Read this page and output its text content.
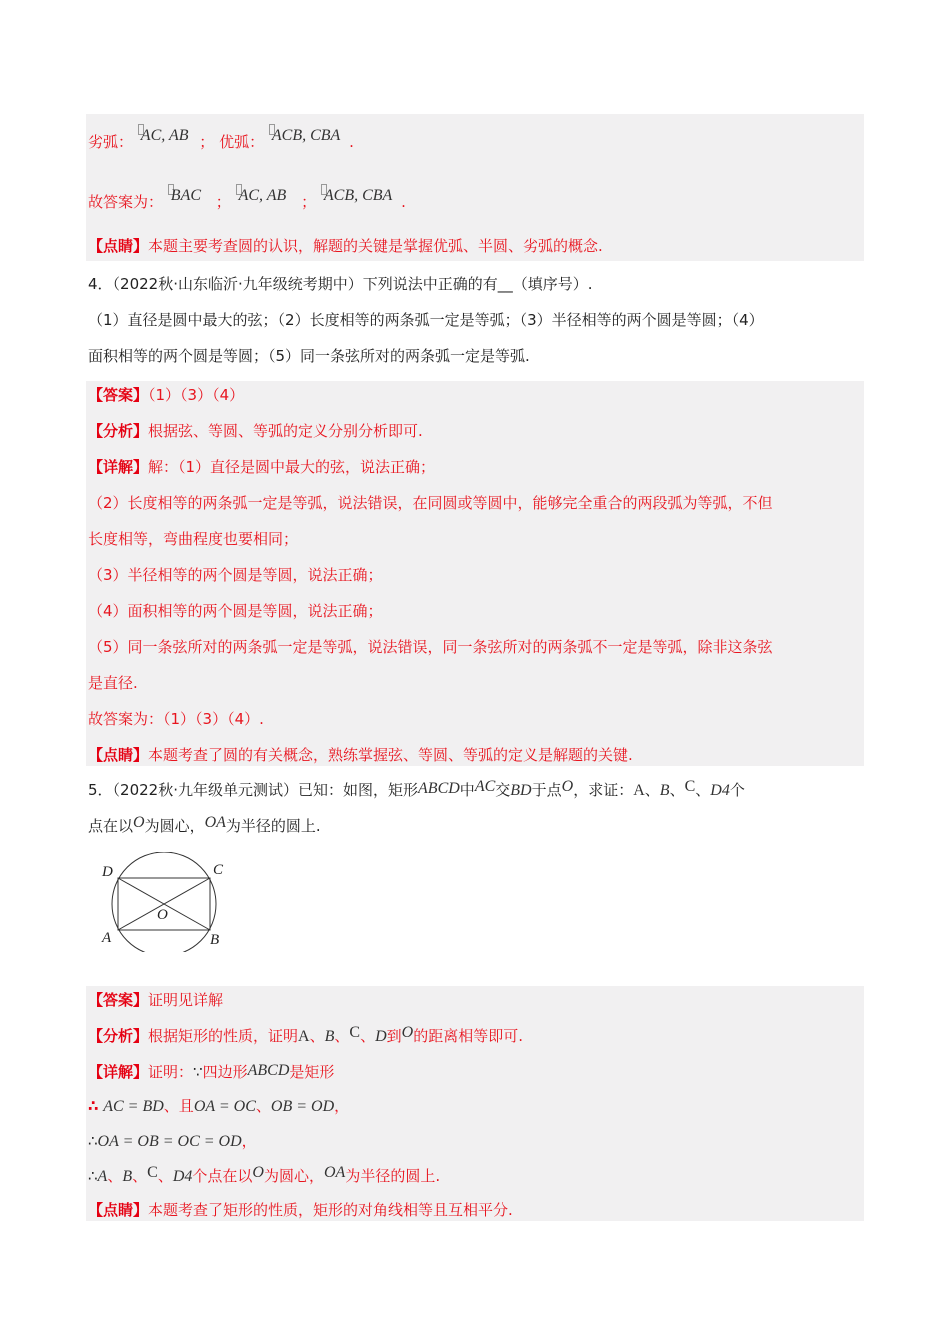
劣弧： AC, AB ； 优弧： ACB, CBA .
故答案为： BAC ； AC, AB ； ACB, CBA .
【点睛】本题主要考查圆的认识，解题的关键是掌握优弧、半圆、劣弧的概念.
4．（2022秋·山东临沂·九年级统考期中）下列说法中正确的有__（填序号）.
（1）直径是圆中最大的弦；（2）长度相等的两条弧一定是等弧；（3）半径相等的两个圆是等圆；（4）
面积相等的两个圆是等圆；（5）同一条弦所对的两条弧一定是等弧.
【答案】（1）（3）（4）
【分析】根据弦、等圆、等弧的定义分别分析即可.
【详解】解：（1）直径是圆中最大的弦，说法正确；
（2）长度相等的两条弧一定是等弧，说法错误，在同圆或等圆中，能够完全重合的两段弧为等弧，不但
长度相等，弯曲程度也要相同；
（3）半径相等的两个圆是等圆，说法正确；
（4）面积相等的两个圆是等圆，说法正确；
（5）同一条弦所对的两条弧一定是等弧，说法错误，同一条弦所对的两条弧不一定是等弧，除非这条弦
是直径.
故答案为：（1）（3）（4）.
【点睛】本题考查了圆的有关概念，熟练掌握弦、等圆、等弧的定义是解题的关键.
5．（2022秋·九年级单元测试）已知：如图，矩形ABCD中AC交BD于点O，求证：A、B、C、D4个
点在以O为圆心，OA为半径的圆上.
D	C
O
A	B
【答案】证明见详解
【分析】根据矩形的性质，证明A、B、C、D到O的距离相等即可.
【详解】证明：∵四边形ABCD是矩形
∴ AC = BD、且OA = OC、OB = OD，
∴OA = OB = OC = OD，
∴A、B、C、D4个点在以O为圆心，OA为半径的圆上.
【点睛】本题考查了矩形的性质，矩形的对角线相等且互相平分.
